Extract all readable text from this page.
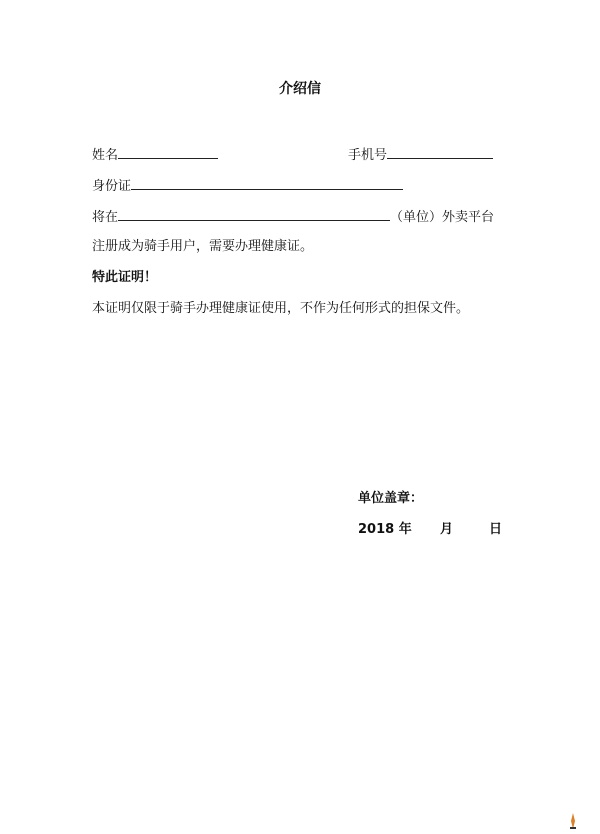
介绍信
姓名	手机号
身份证
将在	（单位）外卖平台
注册成为骑手用户，需要办理健康证。
特此证明！
本证明仅限于骑手办理健康证使用，不作为任何形式的担保文件。
单位盖章：
2018 年 月	日
